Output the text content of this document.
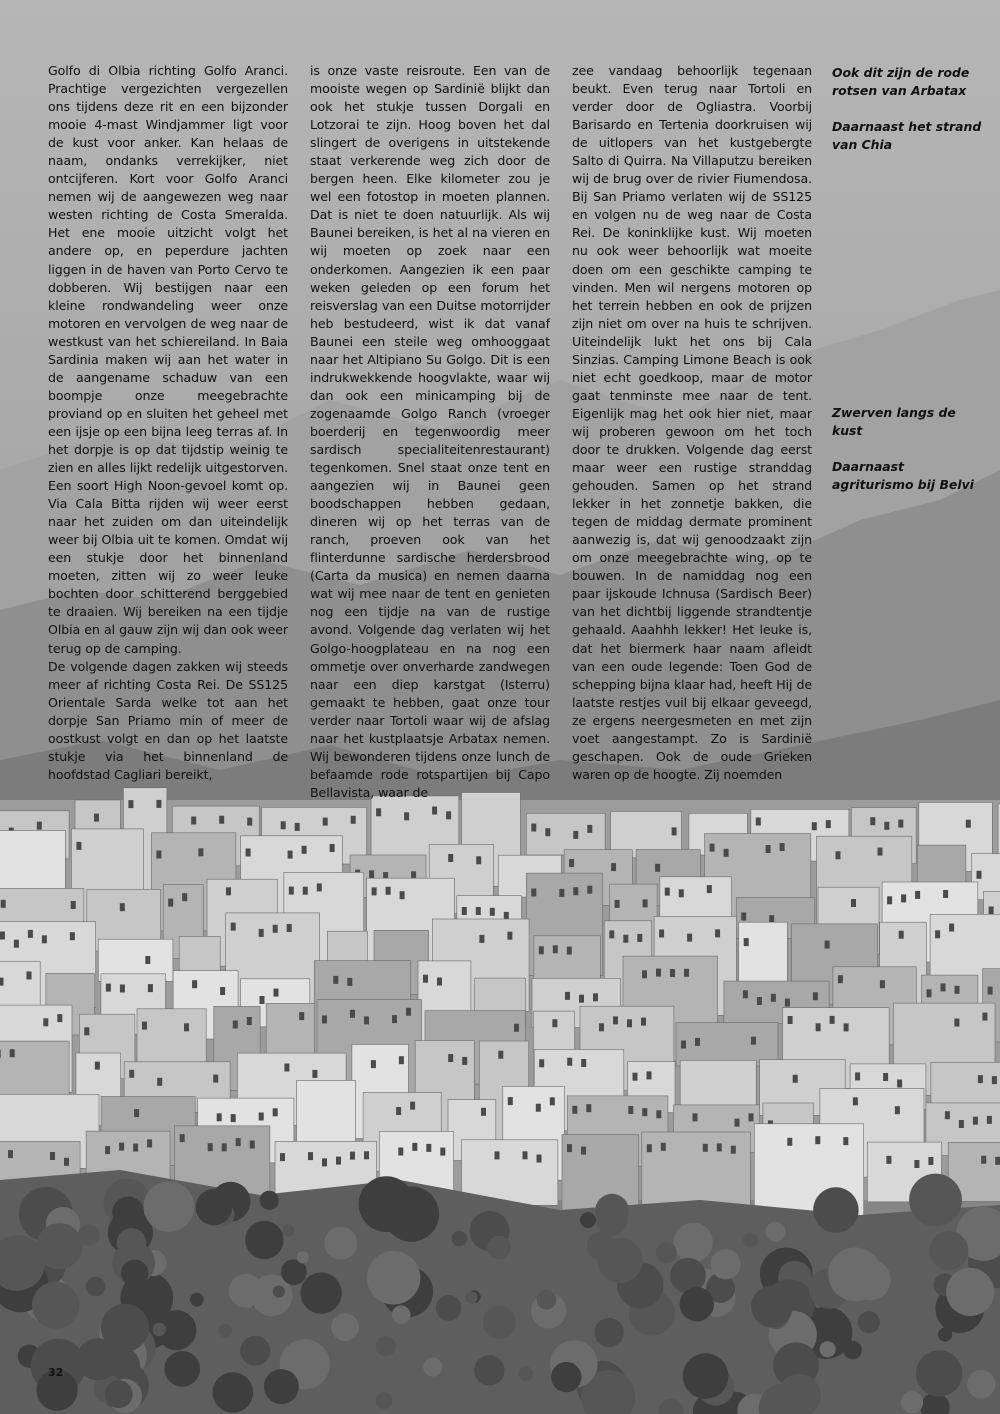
Golfo di Olbia richting Golfo Aranci. Prachtige vergezichten vergezellen ons tijdens deze rit en een bijzonder mooie 4-mast Windjammer ligt voor de kust voor anker. Kan helaas de naam, ondanks verrekijker, niet ontcijferen. Kort voor Golfo Aranci nemen wij de aangewezen weg naar westen richting de Costa Smeralda. Het ene mooie uitzicht volgt het andere op, en peperdure jachten liggen in de haven van Porto Cervo te dobberen. Wij bestijgen naar een kleine rondwandeling weer onze motoren en vervolgen de weg naar de westkust van het schiereiland. In Baia Sardinia maken wij aan het water in de aangename schaduw van een boompje onze meegebrachte proviand op en sluiten het geheel met een ijsje op een bijna leeg terras af. In het dorpje is op dat tijdstip weinig te zien en alles lijkt redelijk uitgestorven. Een soort High Noon-gevoel komt op. Via Cala Bitta rijden wij weer eerst naar het zuiden om dan uiteindelijk weer bij Olbia uit te komen. Omdat wij een stukje door het binnenland moeten, zitten wij zo weer leuke bochten door schitterend berggebied te draaien. Wij bereiken na een tijdje Olbia en al gauw zijn wij dan ook weer terug op de camping.

De volgende dagen zakken wij steeds meer af richting Costa Rei. De SS125 Orientale Sarda welke tot aan het dorpje San Priamo min of meer de oostkust volgt en dan op het laatste stukje via het binnenland de hoofdstad Cagliari bereikt,

is onze vaste reisroute. Een van de mooiste wegen op Sardinië blijkt dan ook het stukje tussen Dorgali en Lotzorai te zijn. Hoog boven het dal slingert de overigens in uitstekende staat verkerende weg zich door de bergen heen. Elke kilometer zou je wel een fotostop in moeten plannen. Dat is niet te doen natuurlijk. Als wij Baunei bereiken, is het al na vieren en wij moeten op zoek naar een onderkomen. Aangezien ik een paar weken geleden op een forum het reisverslag van een Duitse motorrijder heb bestudeerd, wist ik dat vanaf Baunei een steile weg omhooggaat naar het Altipiano Su Golgo. Dit is een indrukwekkende hoogvlakte, waar wij dan ook een minicamping bij de zogenaamde Golgo Ranch (vroeger boerderij en tegenwoordig meer sardisch specialiteitenrestaurant) tegenkomen. Snel staat onze tent en aangezien wij in Baunei geen boodschappen hebben gedaan, dineren wij op het terras van de ranch, proeven ook van het flinterdunne sardische herdersbrood (Carta da musica) en nemen daarna wat wij mee naar de tent en genieten nog een tijdje na van de rustige avond. Volgende dag verlaten wij het Golgo-hoogplateau en na nog een ommetje over onverharde zandwegen naar een diep karstgat (Isterru) gemaakt te hebben, gaat onze tour verder naar Tortoli waar wij de afslag naar het kustplaatsje Arbatax nemen. Wij bewonderen tijdens onze lunch de befaamde rode rotspartijen bij Capo Bellavista, waar de

zee vandaag behoorlijk tegenaan beukt. Even terug naar Tortoli en verder door de Ogliastra. Voorbij Barisardo en Tertenia doorkruisen wij de uitlopers van het kustgebergte Salto di Quirra. Na Villaputzu bereiken wij de brug over de rivier Fiumendosa. Bij San Priamo verlaten wij de SS125 en volgen nu de weg naar de Costa Rei. De koninklijke kust. Wij moeten nu ook weer behoorlijk wat moeite doen om een geschikte camping te vinden. Men wil nergens motoren op het terrein hebben en ook de prijzen zijn niet om over na huis te schrijven. Uiteindelijk lukt het ons bij Cala Sinzias. Camping Limone Beach is ook niet echt goedkoop, maar de motor gaat tenminste mee naar de tent. Eigenlijk mag het ook hier niet, maar wij proberen gewoon om het toch door te drukken. Volgende dag eerst maar weer een rustige stranddag gehouden. Samen op het strand lekker in het zonnetje bakken, die tegen de middag dermate prominent aanwezig is, dat wij genoodzaakt zijn om onze meegebrachte wing, op te bouwen. In de namiddag nog een paar ijskoude Ichnusa (Sardisch Beer) van het dichtbij liggende strandtentje gehaald. Aaahhh lekker! Het leuke is, dat het biermerk haar naam afleidt van een oude legende: Toen God de schepping bijna klaar had, heeft Hij de laatste restjes vuil bij elkaar geveegd, ze ergens neergesmeten en met zijn voet aangestampt. Zo is Sardinië geschapen. Ook de oude Grieken waren op de hoogte. Zij noemden

Ook dit zijn de rode rotsen van Arbatax

Daarnaast het strand van Chia

Zwerven langs de kust

Daarnaast agriturismo bij Belvi

32
